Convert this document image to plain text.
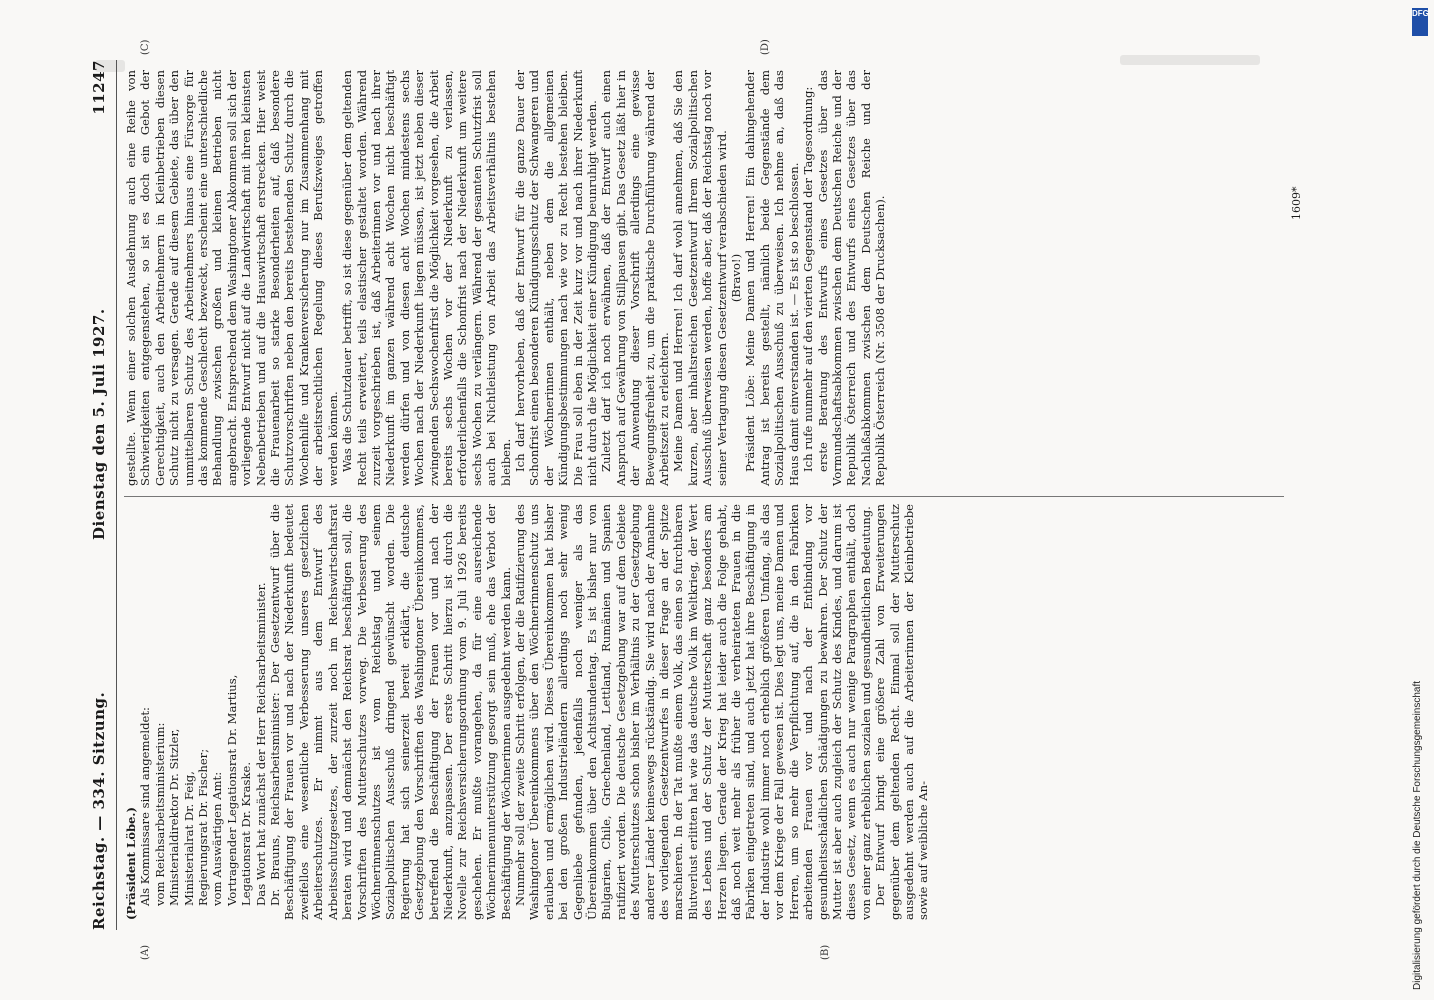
Reichstag. — 334. Sitzung.
Dienstag den 5. Juli 1927.
11247
(A)	(B)
(C)	(D)

(Präsident Löbe.) Als Kommissare sind angemeldet: vom Reichsarbeitsministerium: Ministerialdirektor Dr. Sitzler, Ministerialrat Dr. Feig, Regierungsrat Dr. Fischer; vom Auswärtigen Amt: Vortragender Legationsrat Dr. Martius, Legationsrat Dr. Kraske. Das Wort hat zunächst der Herr Reichsarbeitsminister. Dr. Brauns, Reichsarbeitsminister: Der Gesetzentwurf über die Beschäftigung der Frauen vor und nach der Niederkunft bedeutet zweifellos eine wesentliche Verbesserung unseres gesetzlichen Arbeiterschutzes. Er nimmt aus dem Entwurf des Arbeitsschutzgesetzes, der zurzeit noch im Reichswirtschaftsrat beraten wird und demnächst den Reichsrat beschäftigen soll, die Vorschriften des Mutterschutzes vorweg. Die Verbesserung des Wöchnerinnenschutzes ist vom Reichstag und seinem Sozialpolitischen Ausschuß dringend gewünscht worden. Die Regierung hat sich seinerzeit bereit erklärt, die deutsche Gesetzgebung den Vorschriften des Washingtoner Übereinkommens, betreffend die Beschäftigung der Frauen vor und nach der Niederkunft, anzupassen. Der erste Schritt hierzu ist durch die Novelle zur Reichsversicherungsordnung vom 9. Juli 1926 bereits geschehen. Er mußte vorangehen, da für eine ausreichende Wöchnerinnenunterstützung gesorgt sein muß, ehe das Verbot der Beschäftigung der Wöchnerinnen ausgedehnt werden kann. Nunmehr soll der zweite Schritt erfolgen, der die Ratifizierung des Washingtoner Übereinkommens über den Wöchnerinnenschutz uns erlauben und ermöglichen wird. Dieses Übereinkommen hat bisher bei den großen Industrieländern allerdings noch sehr wenig Gegenliebe gefunden, jedenfalls noch weniger als das Übereinkommen über den Achtstundentag. Es ist bisher nur von Bulgarien, Chile, Griechenland, Lettland, Rumänien und Spanien ratifiziert worden. Die deutsche Gesetzgebung war auf dem Gebiete des Mutterschutzes schon bisher im Verhältnis zu der Gesetzgebung anderer Länder keineswegs rückständig. Sie wird nach der Annahme des vorliegenden Gesetzentwurfes in dieser Frage an der Spitze marschieren. In der Tat mußte einem Volk, das einen so furchtbaren Blutverlust erlitten hat wie das deutsche Volk im Weltkrieg, der Wert des Lebens und der Schutz der Mutterschaft ganz besonders am Herzen liegen. Gerade der Krieg hat leider auch die Folge gehabt, daß noch weit mehr als früher die verheirateten Frauen in die Fabriken eingetreten sind, und auch jetzt hat ihre Beschäftigung in der Industrie wohl immer noch erheblich größeren Umfang, als das vor dem Kriege der Fall gewesen ist. Dies legt uns, meine Damen und Herren, um so mehr die Verpflichtung auf, die in den Fabriken arbeitenden Frauen vor und nach der Entbindung vor gesundheitsschädlichen Schädigungen zu bewahren. Der Schutz der Mutter ist aber auch zugleich der Schutz des Kindes, und darum ist dieses Gesetz, wenn es auch nur wenige Paragraphen enthält, doch von einer ganz erheblichen sozialen und gesundheitlichen Bedeutung. Der Entwurf bringt eine größere Zahl von Erweiterungen gegenüber dem geltenden Recht. Einmal soll der Mutterschutz ausgedehnt werden auch auf die Arbeiterinnen der Kleinbetriebe sowie auf weibliche An-

gestellte. Wenn einer solchen Ausdehnung auch eine Reihe von Schwierigkeiten entgegenstehen, so ist es doch ein Gebot der Gerechtigkeit, auch den Arbeitnehmern in Kleinbetrieben diesen Schutz nicht zu versagen. Gerade auf diesem Gebiete, das über den unmittelbaren Schutz des Arbeitnehmers hinaus eine Fürsorge für das kommende Geschlecht bezweckt, erscheint eine unterschiedliche Behandlung zwischen großen und kleinen Betrieben nicht angebracht. Entsprechend dem Washingtoner Abkommen soll sich der vorliegende Entwurf nicht auf die Landwirtschaft mit ihren kleinsten Nebenbetrieben und auf die Hauswirtschaft erstrecken. Hier weist die Frauenarbeit so starke Besonderheiten auf, daß besondere Schutzvorschriften neben den bereits bestehenden Schutz durch die Wochenhilfe und Krankenversicherung nur im Zusammenhang mit der arbeitsrechtlichen Regelung dieses Berufszweiges getroffen werden können. Was die Schutzdauer betrifft, so ist diese gegenüber dem geltenden Recht teils erweitert, teils elastischer gestaltet worden. Während zurzeit vorgeschrieben ist, daß Arbeiterinnen vor und nach ihrer Niederkunft im ganzen während acht Wochen nicht beschäftigt werden dürfen und von diesen acht Wochen mindestens sechs Wochen nach der Niederkunft liegen müssen, ist jetzt neben dieser zwingenden Sechswochenfrist die Möglichkeit vorgesehen, die Arbeit bereits sechs Wochen vor der Niederkunft zu verlassen, erforderlichenfalls die Schonfrist nach der Niederkunft um weitere sechs Wochen zu verlängern. Während der gesamten Schutzfrist soll auch bei Nichtleistung von Arbeit das Arbeitsverhältnis bestehen bleiben. Ich darf hervorheben, daß der Entwurf für die ganze Dauer der Schonfrist einen besonderen Kündigungsschutz der Schwangeren und der Wöchnerinnen enthält, neben dem die allgemeinen Kündigungsbestimmungen nach wie vor zu Recht bestehen bleiben. Die Frau soll eben in der Zeit kurz vor und nach ihrer Niederkunft nicht durch die Möglichkeit einer Kündigung beunruhigt werden. Zuletzt darf ich noch erwähnen, daß der Entwurf auch einen Anspruch auf Gewährung von Stillpausen gibt. Das Gesetz läßt hier in der Anwendung dieser Vorschrift allerdings eine gewisse Bewegungsfreiheit zu, um die praktische Durchführung während der Arbeitszeit zu erleichtern. Meine Damen und Herren! Ich darf wohl annehmen, daß Sie den kurzen, aber inhaltsreichen Gesetzentwurf Ihrem Sozialpolitischen Ausschuß überweisen werden, hoffe aber, daß der Reichstag noch vor seiner Vertagung diesen Gesetzentwurf verabschieden wird. (Bravo!) Präsident Löbe: Meine Damen und Herren! Ein dahingehender Antrag ist bereits gestellt, nämlich beide Gegenstände dem Sozialpolitischen Ausschuß zu überweisen. Ich nehme an, daß das Haus damit einverstanden ist. — Es ist so beschlossen. Ich rufe nunmehr auf den vierten Gegenstand der Tagesordnung: erste Beratung des Entwurfs eines Gesetzes über das Vormundschaftsabkommen zwischen dem Deutschen Reiche und der Republik Österreich und des Entwurfs eines Gesetzes über das Nachlaßabkommen zwischen dem Deutschen Reiche und der Republik Österreich (Nr. 3508 der Drucksachen).	1609*
DFG
Digitalisierung gefördert durch die Deutsche Forschungsgemeinschaft
